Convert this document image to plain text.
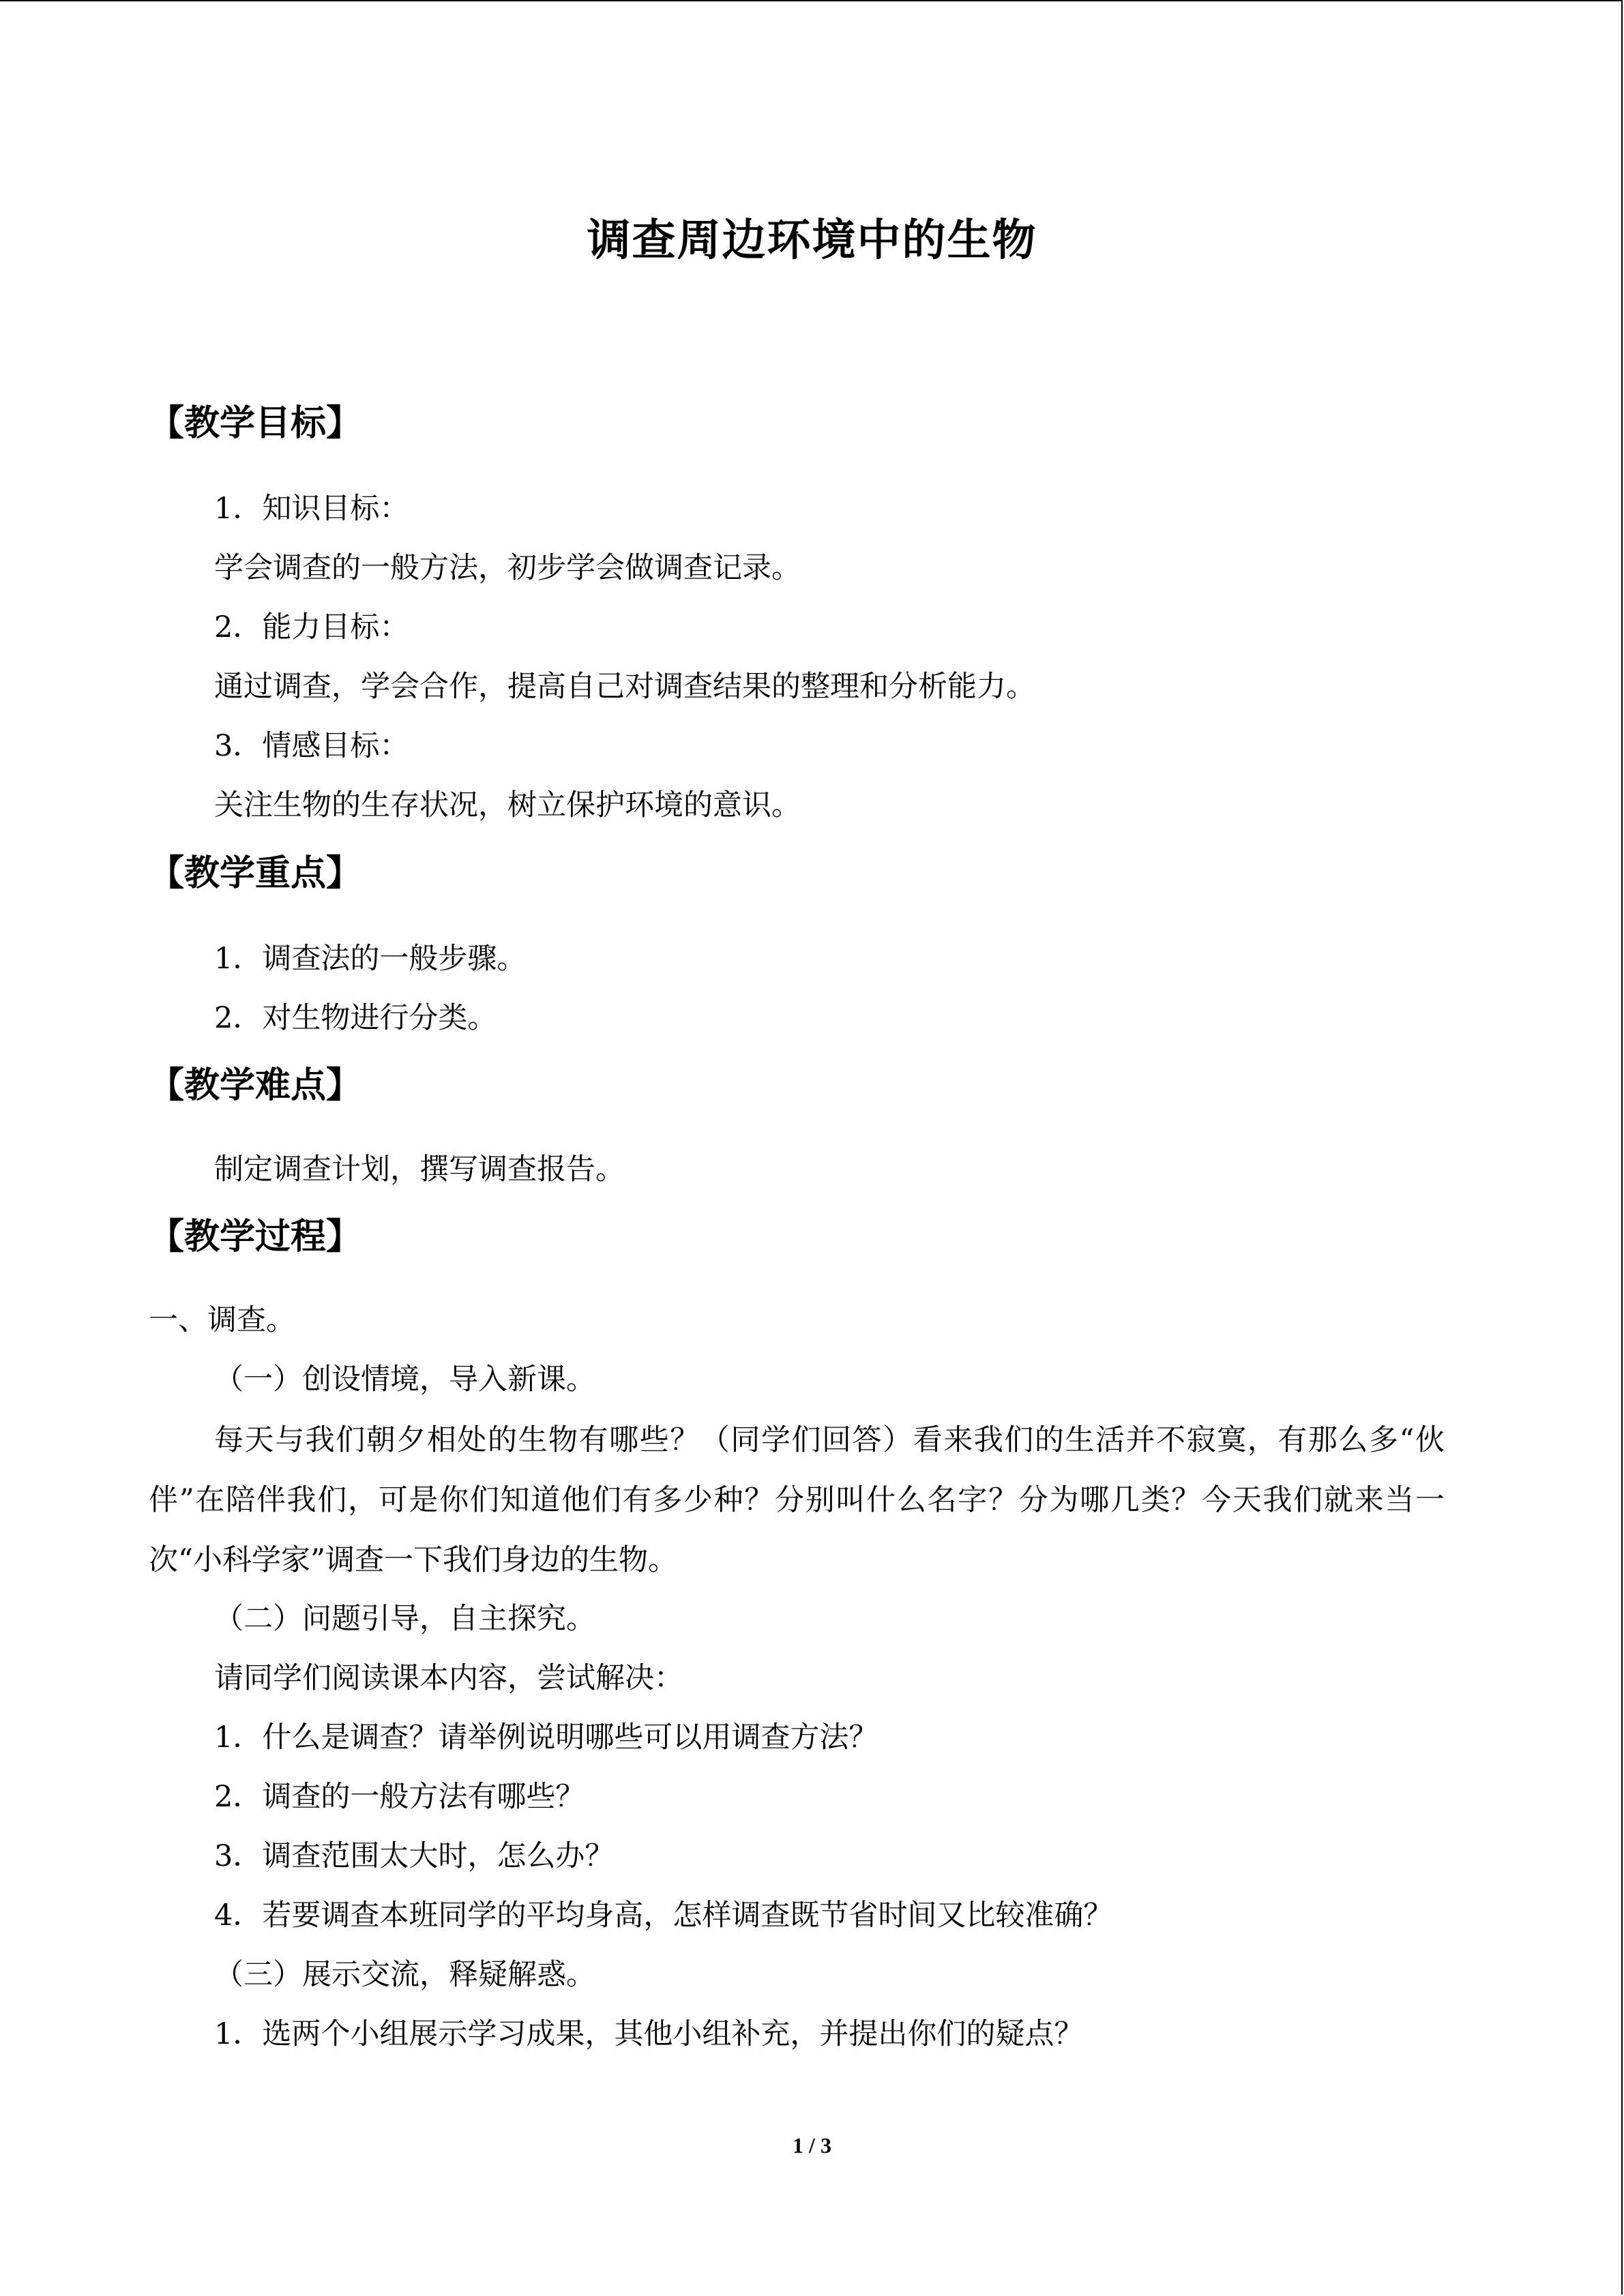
调查周边环境中的生物
【教学目标】
1．知识目标：
学会调查的一般方法，初步学会做调查记录。
2．能力目标：
通过调查，学会合作，提高自己对调查结果的整理和分析能力。
3．情感目标：
关注生物的生存状况，树立保护环境的意识。
【教学重点】
1．调查法的一般步骤。
2．对生物进行分类。
【教学难点】
制定调查计划，撰写调查报告。
【教学过程】
一、调查。
（一）创设情境，导入新课。
每天与我们朝夕相处的生物有哪些？（同学们回答）看来我们的生活并不寂寞，有那么多“伙伴”在陪伴我们，可是你们知道他们有多少种？分别叫什么名字？分为哪几类？今天我们就来当一次“小科学家”调查一下我们身边的生物。
（二）问题引导，自主探究。
请同学们阅读课本内容，尝试解决：
1．什么是调查？请举例说明哪些可以用调查方法？
2．调查的一般方法有哪些？
3．调查范围太大时，怎么办？
4．若要调查本班同学的平均身高，怎样调查既节省时间又比较准确？
（三）展示交流，释疑解惑。
1．选两个小组展示学习成果，其他小组补充，并提出你们的疑点？
1 / 3
